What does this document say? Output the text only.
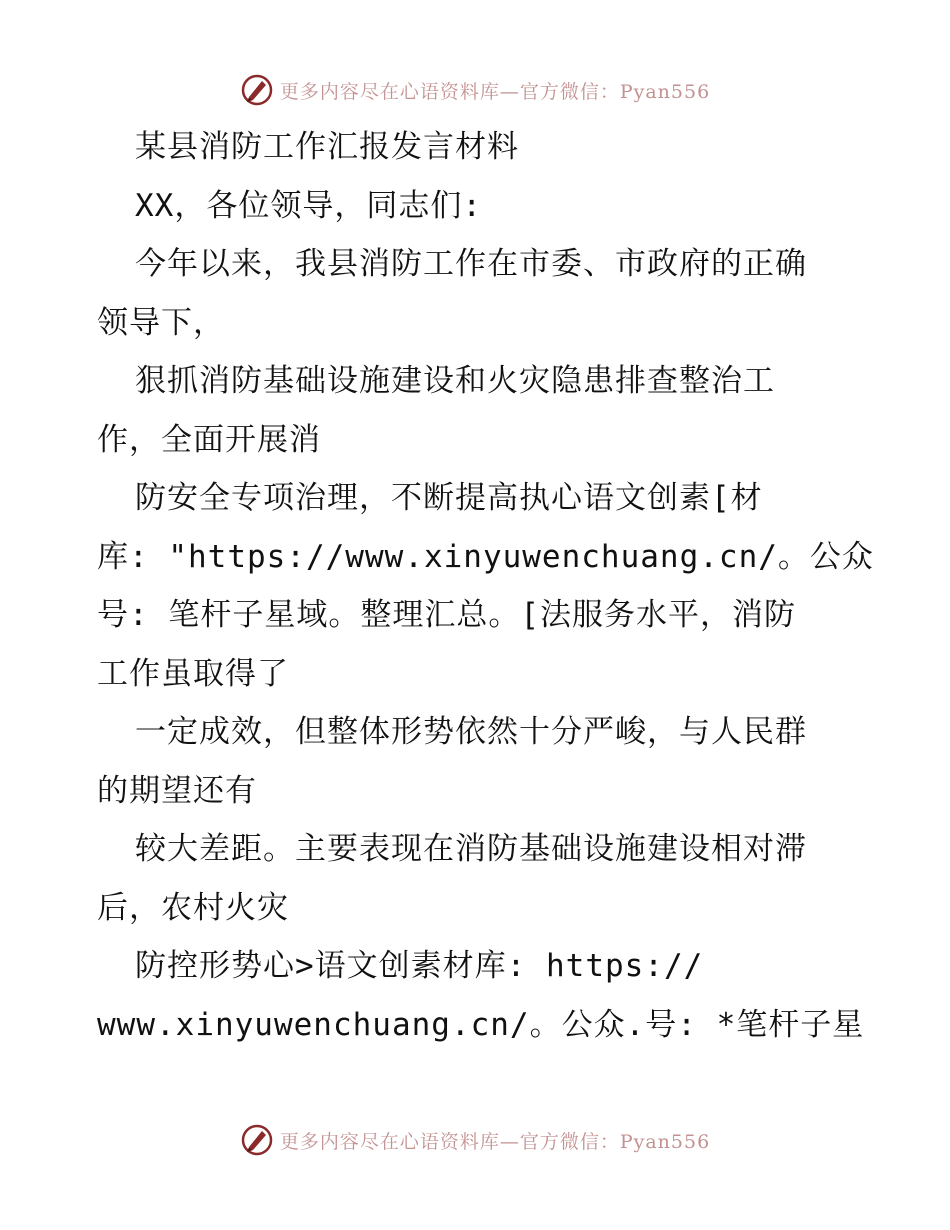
更多内容尽在心语资料库—官方微信：Pyan556
某县消防工作汇报发言材料
XX，各位领导，同志们:
今年以来，我县消防工作在市委、市政府的正确
领导下，
狠抓消防基础设施建设和火灾隐患排查整治工
作，全面开展消
防安全专项治理，不断提高执心语文创素[材
库: "https://www.xinyuwenchuang.cn/。公众
号: 笔杆子星域。整理汇总。[法服务水平，消防
工作虽取得了
一定成效，但整体形势依然十分严峻，与人民群
的期望还有
较大差距。主要表现在消防基础设施建设相对滞
后，农村火灾
防控形势心>语文创素材库: https://
www.xinyuwenchuang.cn/。公众.号: *笔杆子星
更多内容尽在心语资料库—官方微信：Pyan556
